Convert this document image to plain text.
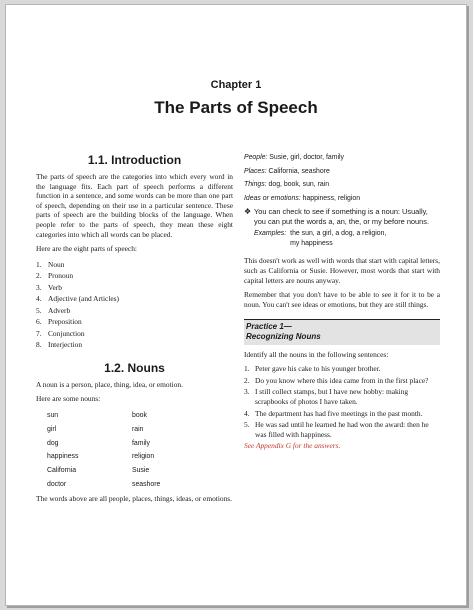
Chapter 1
The Parts of Speech
1.1. Introduction

The parts of speech are the categories into which every word in the language fits. Each part of speech performs a different function in a sentence, and some words can be more than one part of speech, depending on their use in a particular sentence. These parts of speech are the building blocks of the language. When people refer to the parts of speech, they mean these eight categories into which all words can be placed.

Here are the eight parts of speech:

1. Noun
2. Pronoun
3. Verb
4. Adjective (and Articles)
5. Adverb
6. Preposition
7. Conjunction
8. Interjection
1.2. Nouns

A noun is a person, place, thing, idea, or emotion.

Here are some nouns:

sun	book
girl	rain
dog	family
happiness	religion
California	Susie
doctor	seashore

The words above are all people, places, things, ideas, or emotions.

People: Susie, girl, doctor, family
Places: California, seashore
Things: dog, book, sun, rain
Ideas or emotions: happiness, religion
❖ You can check to see if something is a noun: Usually, you can put the words a, an, the, or my before nouns.
Examples: the sun, a girl, a dog, a religion,
my happiness

This doesn't work as well with words that start with capital letters, such as California or Susie. However, most words that start with capital letters are nouns anyway.

Remember that you don't have to be able to see it for it to be a noun. You can't see ideas or emotions, but they are still things.

Practice 1—
Recognizing Nouns

Identify all the nouns in the following sentences:

1. Peter gave his cake to his younger brother.
2. Do you know where this idea came from in the first place?
3. I still collect stamps, but I have new hobby: making scrapbooks of photos I have taken.
4. The department has had five meetings in the past month.
5. He was sad until he learned he had won the award: then he was filled with happiness.
See Appendix G for the answers.
